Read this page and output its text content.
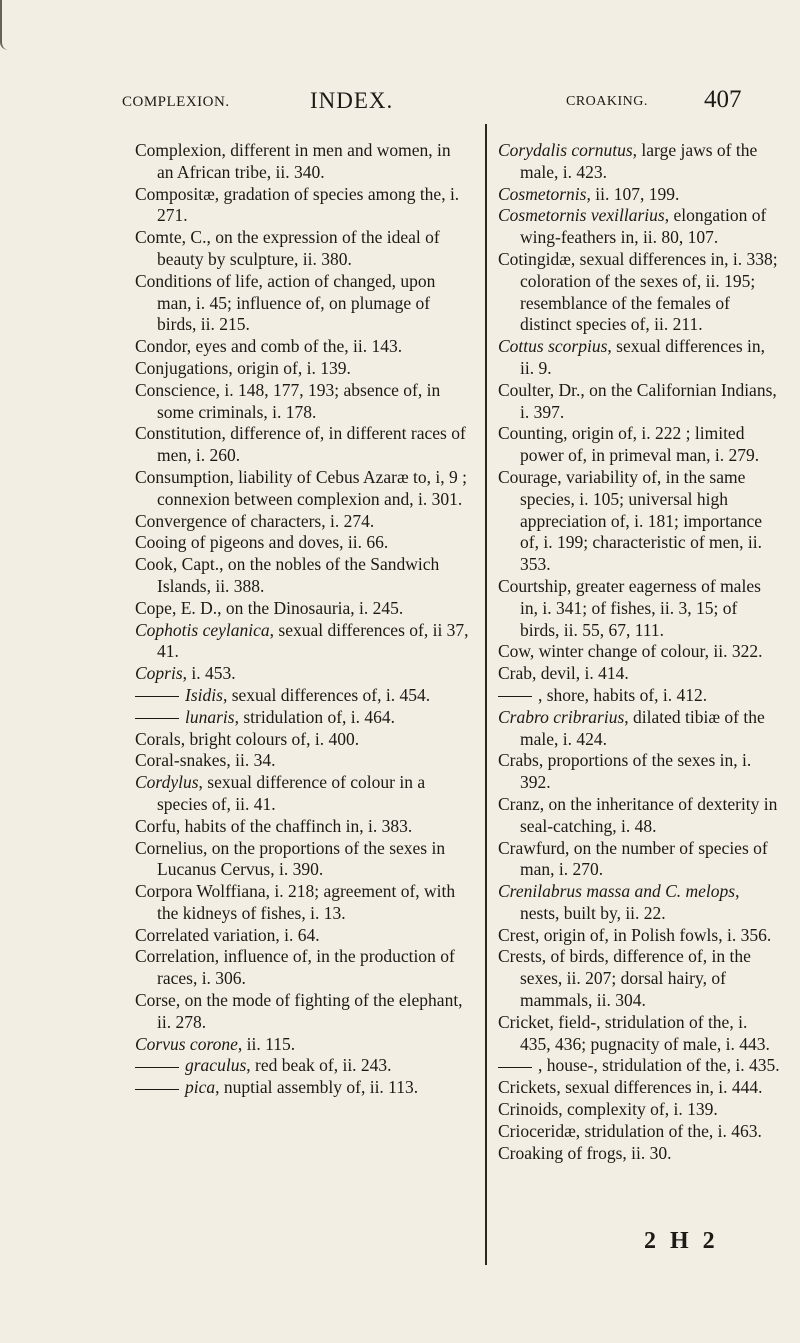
COMPLEXION.	INDEX.	CROAKING. 407

Complexion, different in men and women, in an African tribe, ii. 340.

Compositæ, gradation of species among the, i. 271.

Comte, C., on the expression of the ideal of beauty by sculpture, ii. 380.

Conditions of life, action of changed, upon man, i. 45; influence of, on plumage of birds, ii. 215.

Condor, eyes and comb of the, ii. 143.

Conjugations, origin of, i. 139.

Conscience, i. 148, 177, 193; absence of, in some criminals, i. 178.

Constitution, difference of, in different races of men, i. 260.

Consumption, liability of Cebus Azaræ to, i, 9 ; connexion between complexion and, i. 301.

Convergence of characters, i. 274.

Cooing of pigeons and doves, ii. 66.

Cook, Capt., on the nobles of the Sandwich Islands, ii. 388.

Cope, E. D., on the Dinosauria, i. 245.

Cophotis ceylanica, sexual differences of, ii 37, 41.

Copris, i. 453.

Isidis, sexual differences of, i. 454.

lunaris, stridulation of, i. 464.

Corals, bright colours of, i. 400.

Coral-snakes, ii. 34.

Cordylus, sexual difference of colour in a species of, ii. 41.

Corfu, habits of the chaffinch in, i. 383.

Cornelius, on the proportions of the sexes in Lucanus Cervus, i. 390.

Corpora Wolffiana, i. 218; agreement of, with the kidneys of fishes, i. 13.

Correlated variation, i. 64.

Correlation, influence of, in the production of races, i. 306.

Corse, on the mode of fighting of the elephant, ii. 278.

Corvus corone, ii. 115.

graculus, red beak of, ii. 243.

pica, nuptial assembly of, ii. 113.

Corydalis cornutus, large jaws of the male, i. 423.

Cosmetornis, ii. 107, 199.

Cosmetornis vexillarius, elongation of wing-feathers in, ii. 80, 107.

Cotingidæ, sexual differences in, i. 338; coloration of the sexes of, ii. 195; resemblance of the females of distinct species of, ii. 211.

Cottus scorpius, sexual differences in, ii. 9.

Coulter, Dr., on the Californian Indians, i. 397.

Counting, origin of, i. 222 ; limited power of, in primeval man, i. 279.

Courage, variability of, in the same species, i. 105; universal high appreciation of, i. 181; importance of, i. 199; characteristic of men, ii. 353.

Courtship, greater eagerness of males in, i. 341; of fishes, ii. 3, 15; of birds, ii. 55, 67, 111.

Cow, winter change of colour, ii. 322.

Crab, devil, i. 414.

, shore, habits of, i. 412.

Crabro cribrarius, dilated tibiæ of the male, i. 424.

Crabs, proportions of the sexes in, i. 392.

Cranz, on the inheritance of dexterity in seal-catching, i. 48.

Crawfurd, on the number of species of man, i. 270.

Crenilabrus massa and C. melops, nests, built by, ii. 22.

Crest, origin of, in Polish fowls, i. 356.

Crests, of birds, difference of, in the sexes, ii. 207; dorsal hairy, of mammals, ii. 304.

Cricket, field-, stridulation of the, i. 435, 436; pugnacity of male, i. 443.

, house-, stridulation of the, i. 435.

Crickets, sexual differences in, i. 444.

Crinoids, complexity of, i. 139.

Crioceridæ, stridulation of the, i. 463.

Croaking of frogs, ii. 30.

2 H 2
